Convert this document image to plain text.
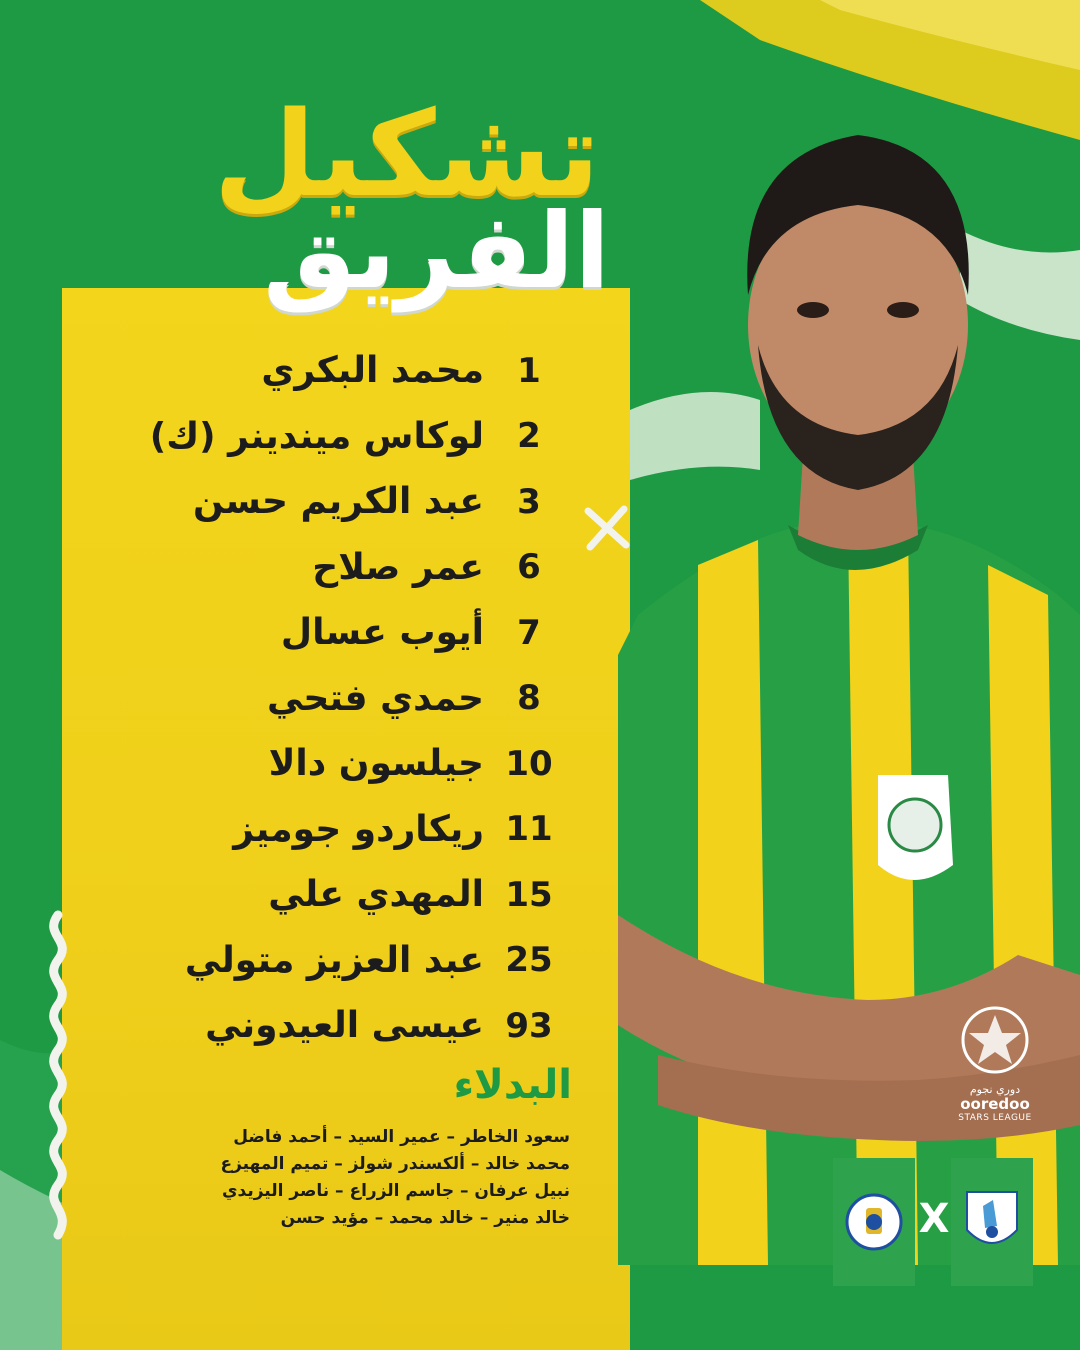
تشكيل
الفريق
1
محمد البكري
2
لوكاس ميندينر (ك)
3
عبد الكريم حسن
6
عمر صلاح
7
أيوب عسال
8
حمدي فتحي
10
جيلسون دالا
11
ريكاردو جوميز
15
المهدي علي
25
عبد العزيز متولي
93
عيسى العيدوني
البدلاء
سعود الخاطر – عمير السيد – أحمد فاضل
محمد خالد – ألكسندر شولز – تميم المهيزع
نبيل عرفان – جاسم الزراع – ناصر اليزيدي
خالد منير – خالد محمد – مؤيد حسن
دوري نجوم
ooredoo
STARS LEAGUE
X
